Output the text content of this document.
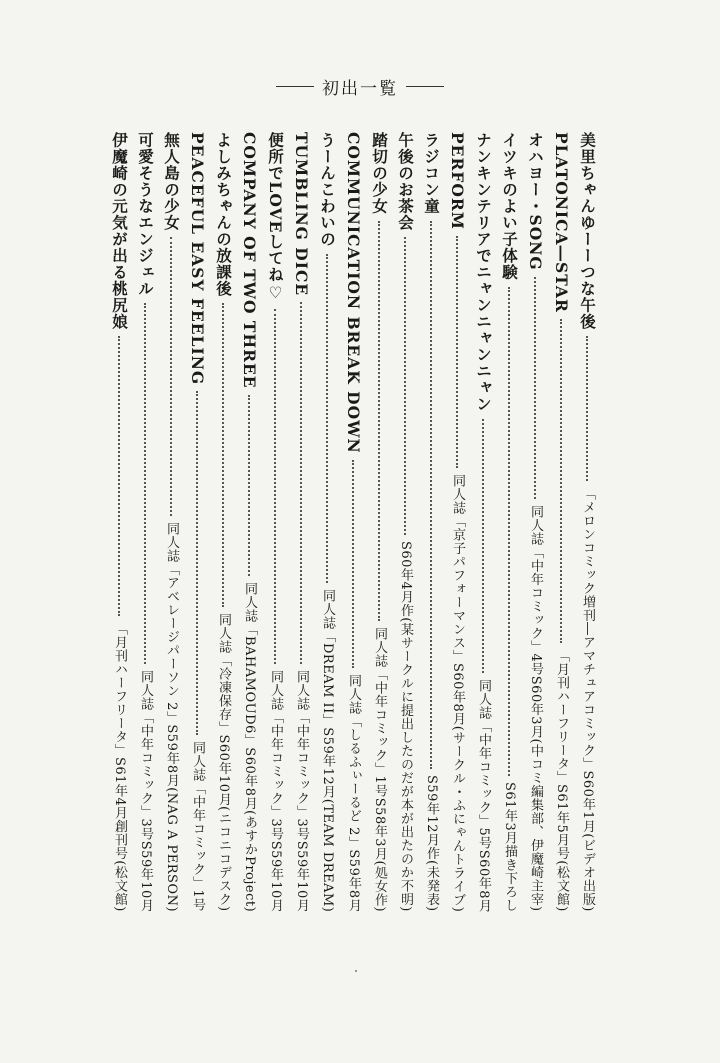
初出一覧
美里ちゃんゆーーつな午後
「メロンコミック増刊―アマチュアコミック」S60年1月(ビデオ出版)
PLATONICA―STAR
「月刊ハーフリータ」S61年5月号(松文館)
オハヨー・SONG
同人誌「中年コミック」4号S60年3月(中コミ編集部、伊魔崎主宰)
イツキのよい子体験
S61年3月描き下ろし
ナンキンテリアでニャンニャンニャン
同人誌「中年コミック」5号S60年8月
PERFORM
同人誌「京子パフォーマンス」S60年8月(サークル・ふにゃんトライブ)
ラジコン童
S59年12月作(未発表)
午後のお茶会
S60年4月作(某サークルに提出したのだが本が出たのか不明)
踏切の少女
同人誌「中年コミック」1号S58年3月(処女作)
COMMUNICATION BREAK DOWN
同人誌「しるふぃーるど 2」S59年8月
うーんこわいの
同人誌「DREAM II」S59年12月(TEAM DREAM)
TUMBLING DICE
同人誌「中年コミック」3号S59年10月
便所でLOVEしてね♡
同人誌「中年コミック」3号S59年10月
COMPANY OF TWO THREE
同人誌「BAHAMOUD6」S60年8月(あすかProject)
よしみちゃんの放課後
同人誌「冷凍保存」S60年10月(ニコニコデスク)
PEACEFUL EASY FEELING
同人誌「中年コミック」1号
無人島の少女
同人誌「アベレージパーソン 2」S59年8月(NAG A PERSON)
可愛そうなエンジェル
同人誌「中年コミック」3号S59年10月
伊魔崎の元気が出る桃尻娘
「月刊ハーフリータ」S61年4月創刊号(松文館)
